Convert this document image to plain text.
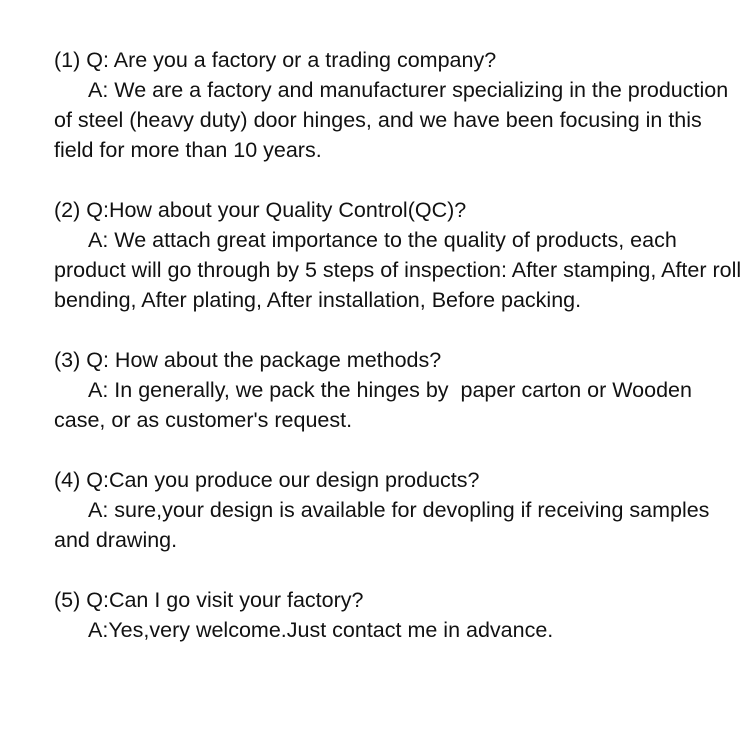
(1) Q: Are you a factory or a trading company?

A: We are a factory and manufacturer specializing in the production of steel (heavy duty) door hinges, and we have been focusing in this field for more than 10 years.

(2) Q:How about your Quality Control(QC)?

A: We attach great importance to the quality of products, each product will go through by 5 steps of inspection: After stamping, After roll bending, After plating, After installation, Before packing.

(3) Q: How about the package methods?

A: In generally, we pack the hinges by  paper carton or Wooden case, or as customer's request.

(4) Q:Can you produce our design products?

A: sure,your design is available for devopling if receiving samples and drawing.

(5) Q:Can I go visit your factory?

A:Yes,very welcome.Just contact me in advance.
